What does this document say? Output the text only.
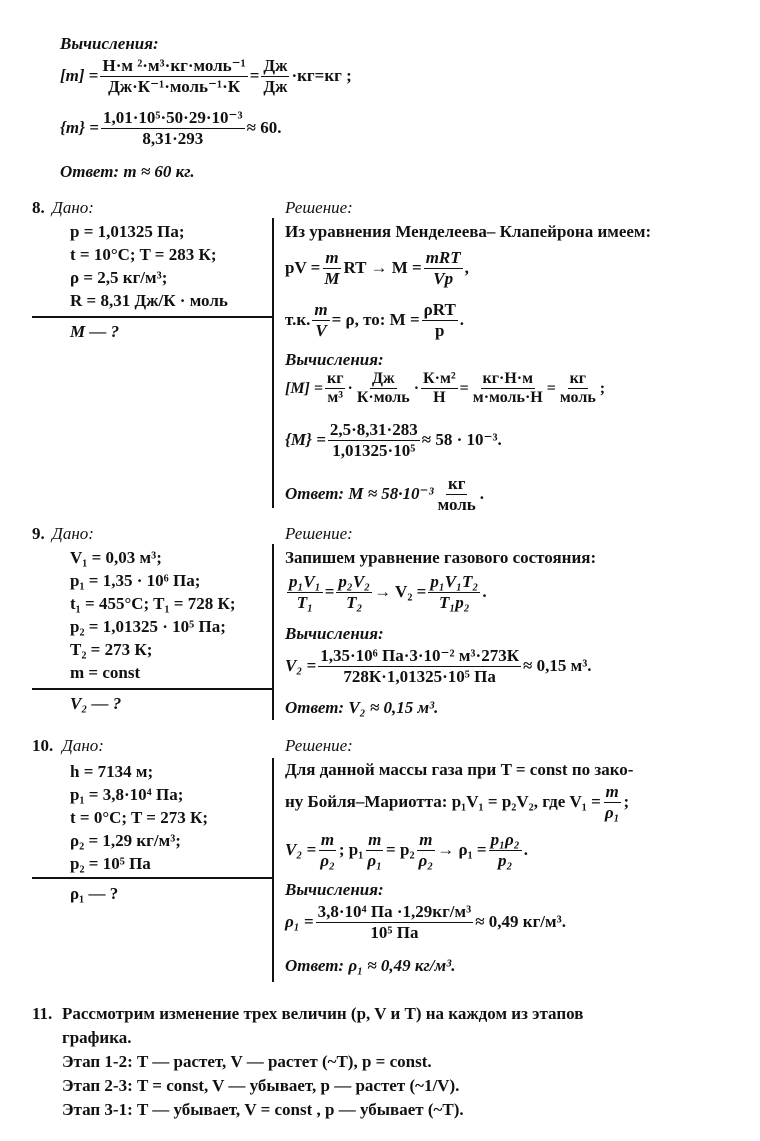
Вычисления:
$[m] = \frac{\text{Н·м ²·м³·кг·моль⁻¹}}{\text{Дж·К⁻¹·моль⁻¹·К}} = \frac{Дж}{Дж} \cdot кг=кг$ ;
$\{m\} = \frac{\text{1,01·10⁵·50·29·10⁻³}}{8,31\cdot 293} \approx 60$.
Ответ: m ≈ 60 кг.
8. Дано:
p = 1,01325 Па;
t = 10°C; T = 283 К;
ρ = 2,5 кг/м³;
R = 8,31 Дж/К · моль
M — ?
Решение:
Из уравнения Менделеева– Клапейрона имеем:
pV = $\frac{m}{M}$ RT → $M = \frac{\text{mRT}}{Vp}$ ,
т.к. $\frac{m}{V} = \rho$, то: $M = \frac{\text{ρRT}}{p}$ .
Вычисления:
$[M] = \frac{кг}{\text{м³}} \cdot \frac{Дж}{\text{К·моль}} \cdot \frac{\text{К·м²}}{Н} = \frac{кг\cdot Н\cdot м}{\text{м·моль·Н}} = \frac{кг}{\text{моль}}$ ;
$\{M\} = \frac{2,5\cdot 8,31\cdot 283}{\text{1,01325·10⁵}} \approx 58 \cdot 10^{-3}$.
Ответ: $M \approx 58\cdot 10^{-3} \frac{кг}{\text{моль}}$ .
9. Дано:
V₁ = 0,03 м³;
p₁ = 1,35 · 10⁶ Па;
t₁ = 455°C; T₁ = 728 К;
p₂ = 1,01325 · 10⁵ Па;
T₂ = 273 К;
m = const
V₂ — ?
Решение:
Запишем уравнение газового состояния:
$\frac{\text{p₁V₁}}{\text{T₁}} = \frac{\text{p₂V₂}}{\text{T₂}} \to V_2 = \frac{\text{p₁V₁T₂}}{\text{T₁p₂}}$ .
Вычисления:
$V_2 = \frac{\text{1,35·10⁶ Па·3·10⁻² м³·273К}}{\text{728К·1,01325·10⁵ Па}} \approx 0,15$ м³.
Ответ: V₂ ≈ 0,15 м³.
10. Дано:
h = 7134 м;
p₁ = 3,8·10⁴ Па;
t = 0°C; T = 273 К;
ρ₂ = 1,29 кг/м³;
p₂ = 10⁵ Па
ρ₁ — ?
Решение:
Для данной массы газа при T = const по зако-
ну Бойля–Мариотта: p₁V₁ = p₂V₂, где $V_1 = \frac{m}{\text{ρ₁}}$ ;
$V_2 = \frac{m}{\text{ρ₂}}$ ; $p_1 \frac{m}{\text{ρ₁}} = p_2 \frac{m}{\text{ρ₂}} \to \rho_1 = \frac{\text{p₁ρ₂}}{\text{p₂}}$ .
Вычисления:
$\rho_1 = \frac{\text{3,8·10⁴ Па ·1,29кг/м³}}{\text{10⁵ Па}} \approx 0,49$ кг/м³.
Ответ: ρ₁ ≈ 0,49 кг/м³.
11. Рассмотрим изменение трех величин (p, V и T) на каждом из этапов
графика.
Этап 1-2: T — растет, V — растет (~T), p = const.
Этап 2-3: T = const, V — убывает, p — растет (~1/V).
Этап 3-1: T — убывает, V = const , p — убывает (~T).
